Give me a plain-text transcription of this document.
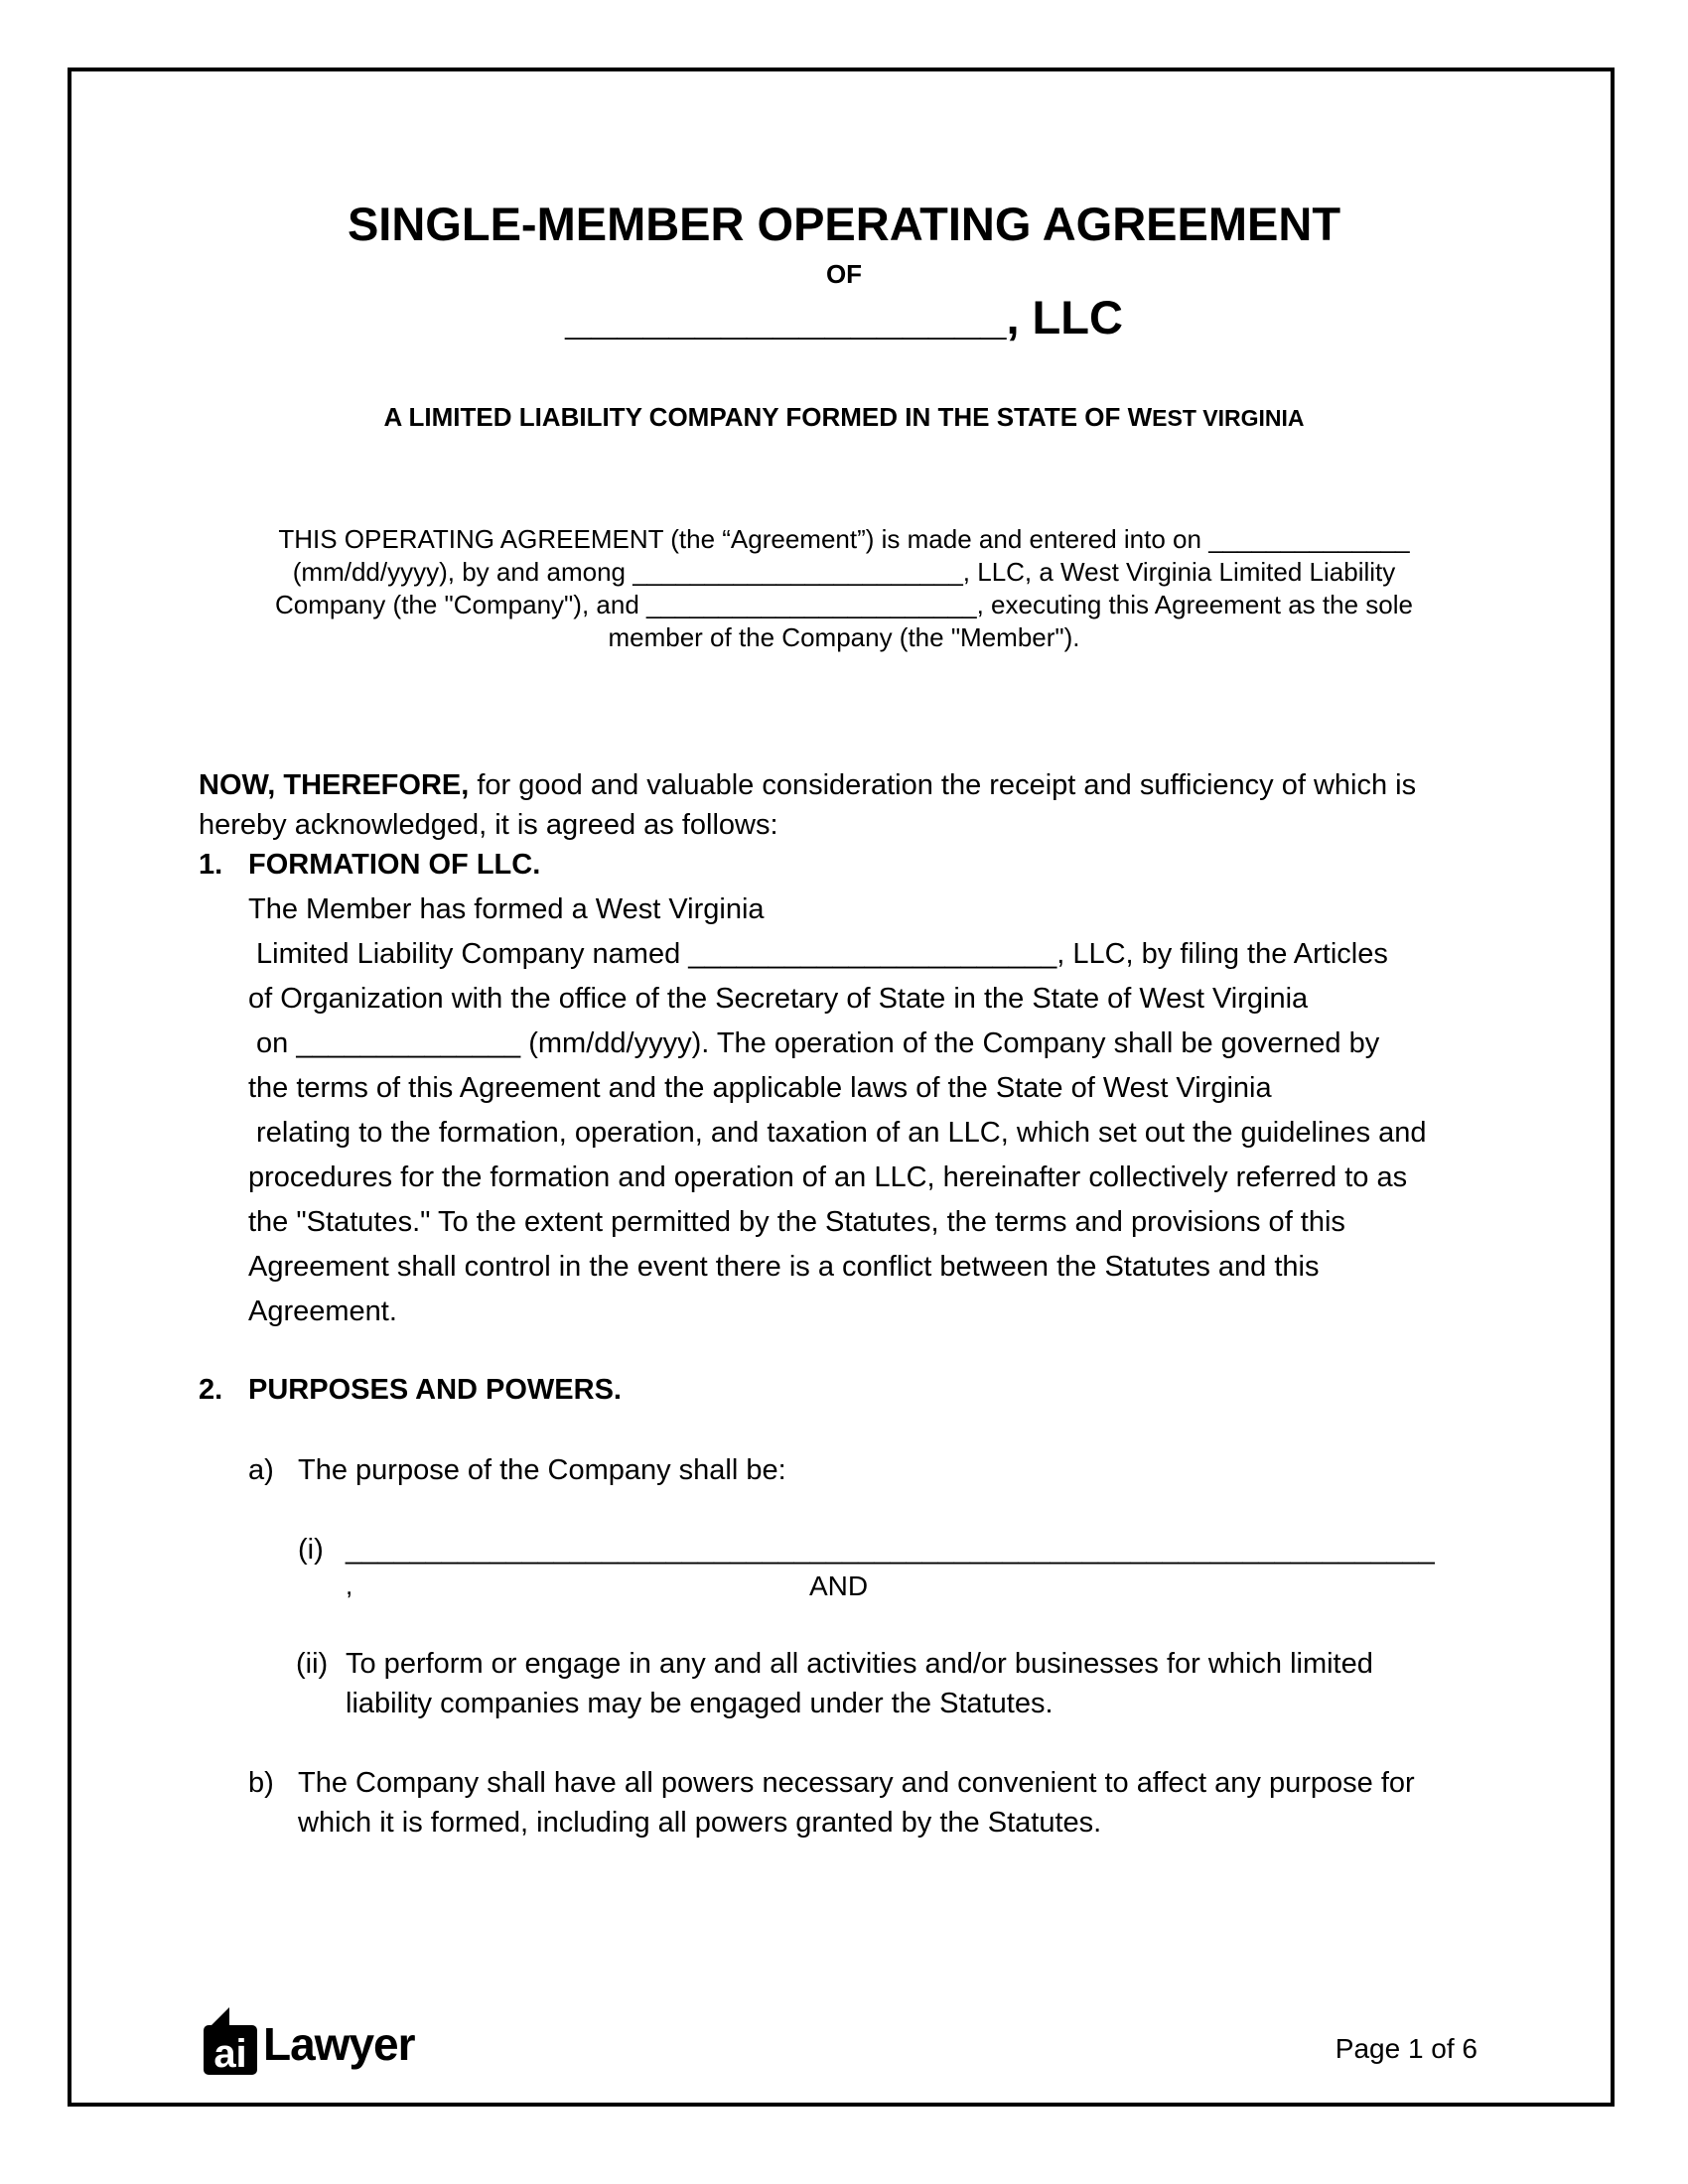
SINGLE-MEMBER OPERATING AGREEMENT
OF
_________________, LLC
A LIMITED LIABILITY COMPANY FORMED IN THE STATE OF WEST VIRGINIA
THIS OPERATING AGREEMENT (the “Agreement”) is made and entered into on ______________
(mm/dd/yyyy), by and among _______________________, LLC, a West Virginia Limited Liability
Company (the "Company"), and _______________________, executing this Agreement as the sole
member of the Company (the "Member").
NOW, THEREFORE, for good and valuable consideration the receipt and sufficiency of which is
hereby acknowledged, it is agreed as follows:
1. FORMATION OF LLC.
The Member has formed a West Virginia
Limited Liability Company named _______________________, LLC, by filing the Articles
of Organization with the office of the Secretary of State in the State of West Virginia
on ______________ (mm/dd/yyyy). The operation of the Company shall be governed by
the terms of this Agreement and the applicable laws of the State of West Virginia
relating to the formation, operation, and taxation of an LLC, which set out the guidelines and
procedures for the formation and operation of an LLC, hereinafter collectively referred to as
the "Statutes." To the extent permitted by the Statutes, the terms and provisions of this
Agreement shall control in the event there is a conflict between the Statutes and this
Agreement.
2. PURPOSES AND POWERS.
a) The purpose of the Company shall be:
(i) ____________________________________________________________________
,	AND
(ii) To perform or engage in any and all activities and/or businesses for which limited
liability companies may be engaged under the Statutes.
b) The Company shall have all powers necessary and convenient to affect any purpose for
which it is formed, including all powers granted by the Statutes.
ai Lawyer	Page 1 of 6
